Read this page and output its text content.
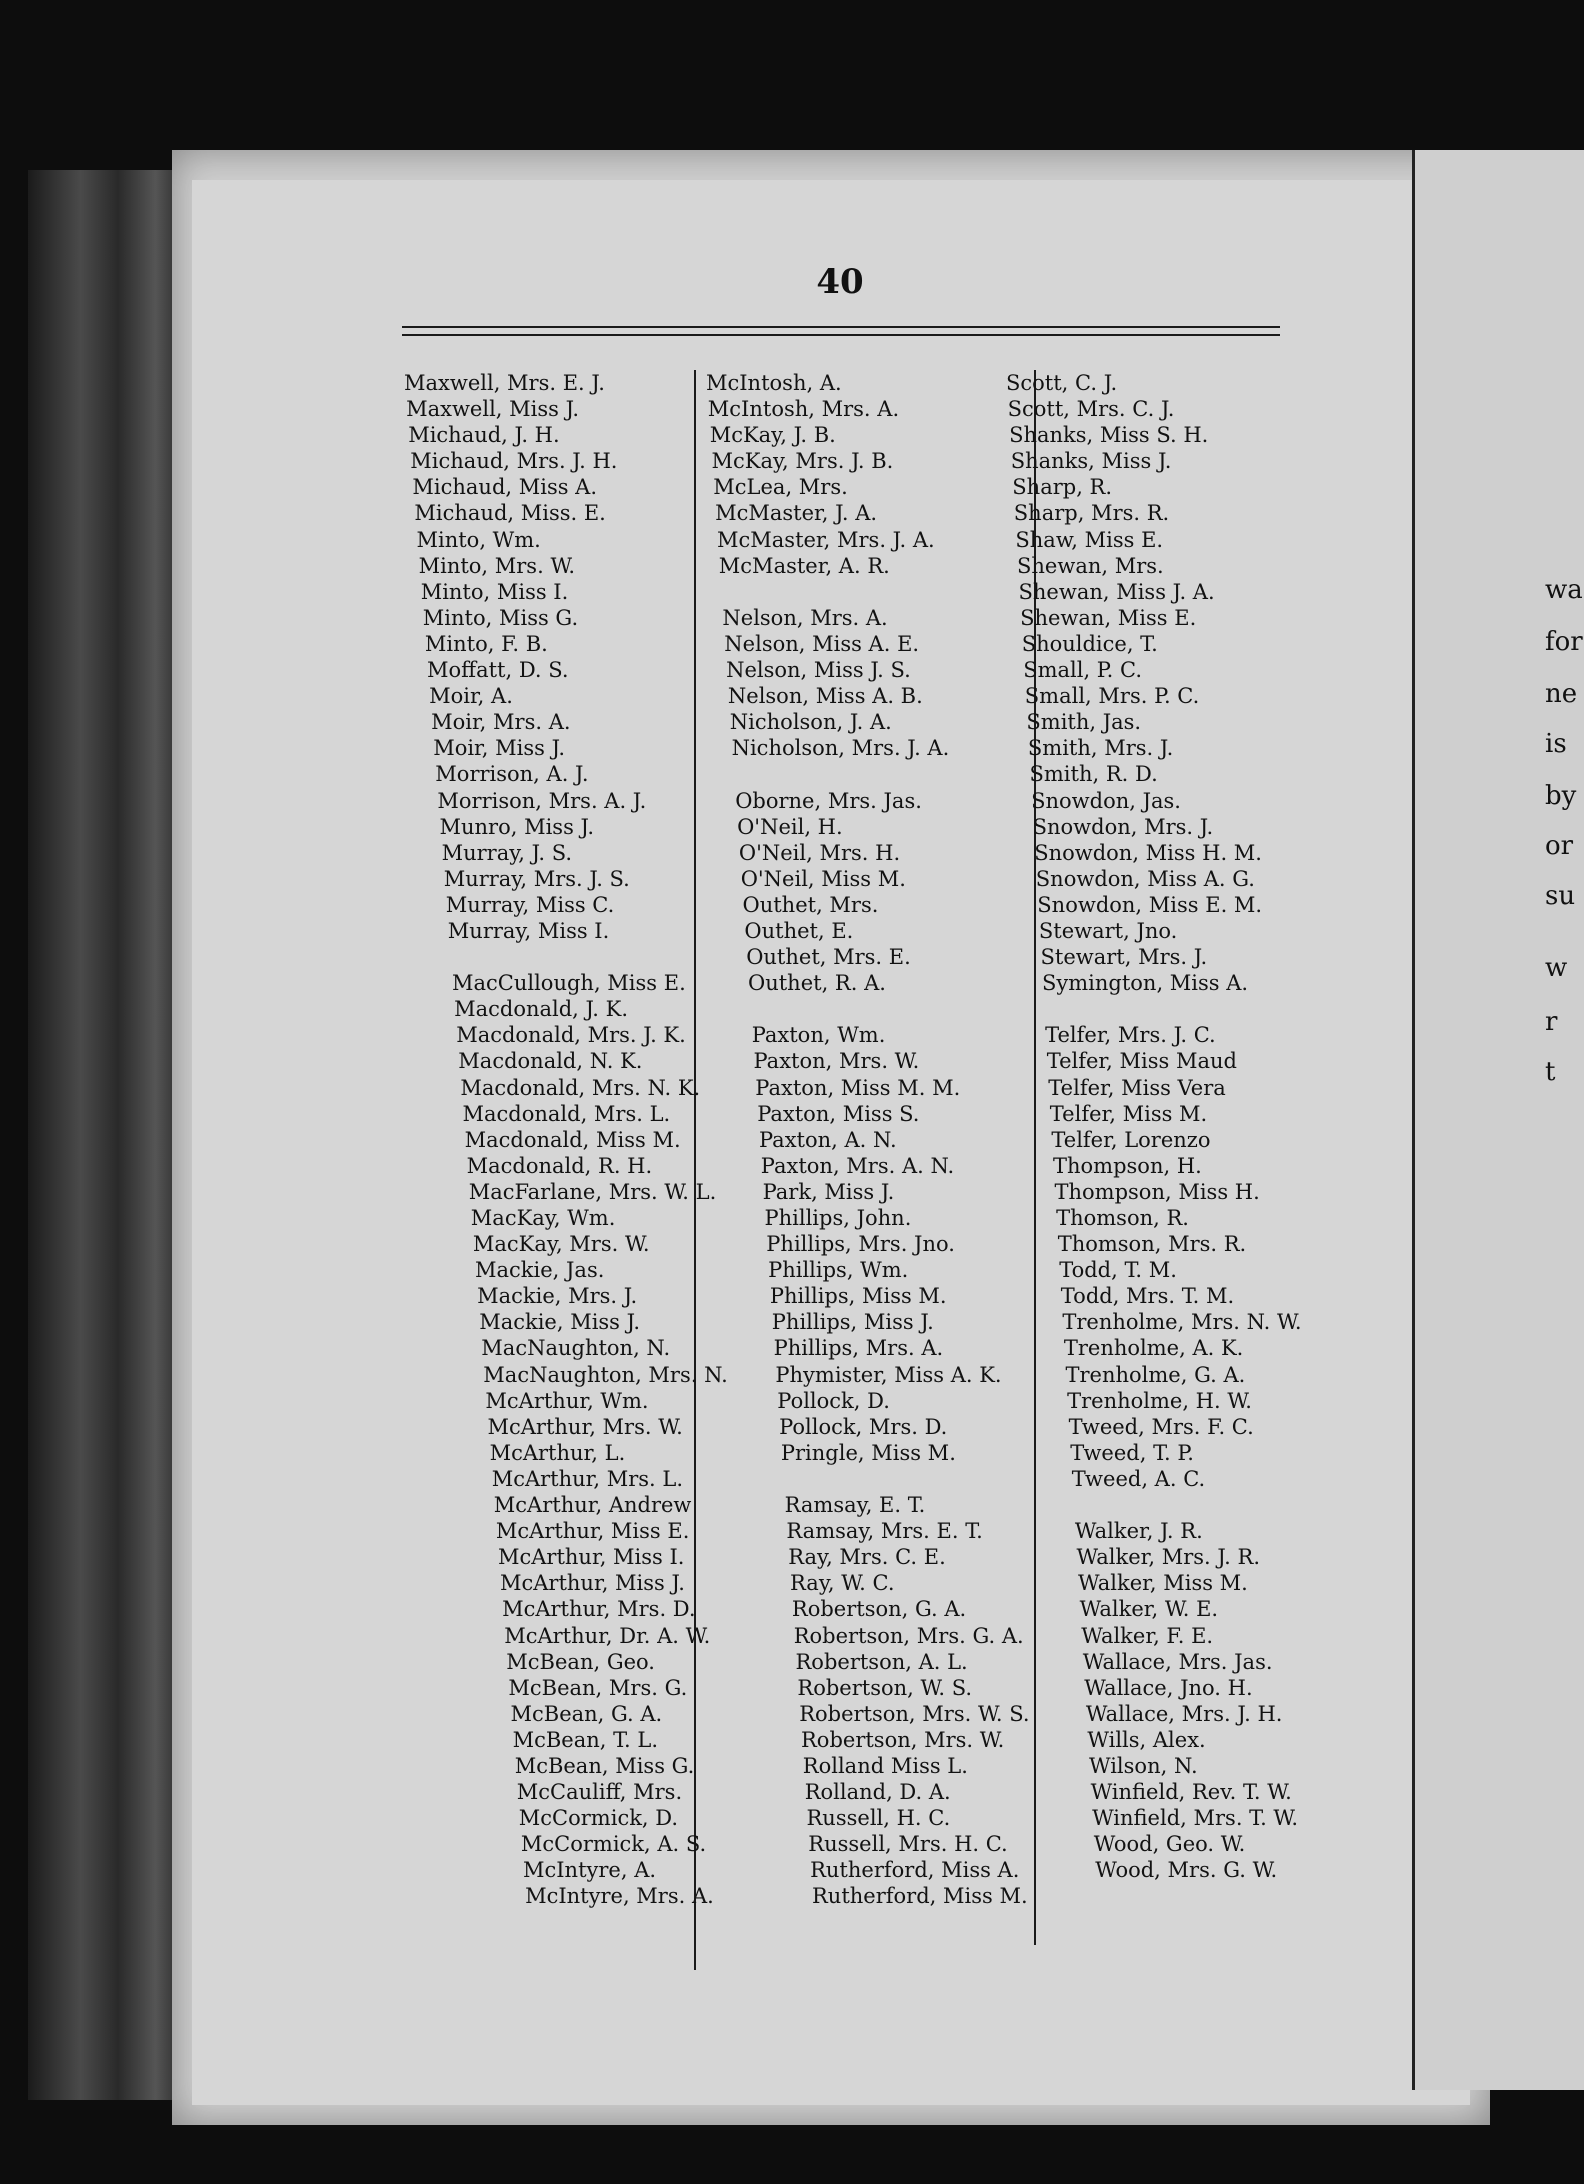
40
Maxwell, Mrs. E. J.
Maxwell, Miss J.
Michaud, J. H.
Michaud, Mrs. J. H.
Michaud, Miss A.
Michaud, Miss. E.
Minto, Wm.
Minto, Mrs. W.
Minto, Miss I.
Minto, Miss G.
Minto, F. B.
Moffatt, D. S.
Moir, A.
Moir, Mrs. A.
Moir, Miss J.
Morrison, A. J.
Morrison, Mrs. A. J.
Munro, Miss J.
Murray, J. S.
Murray, Mrs. J. S.
Murray, Miss C.
Murray, Miss I.
MacCullough, Miss E.
Macdonald, J. K.
Macdonald, Mrs. J. K.
Macdonald, N. K.
Macdonald, Mrs. N. K.
Macdonald, Mrs. L.
Macdonald, Miss M.
Macdonald, R. H.
MacFarlane, Mrs. W. L.
MacKay, Wm.
MacKay, Mrs. W.
Mackie, Jas.
Mackie, Mrs. J.
Mackie, Miss J.
MacNaughton, N.
MacNaughton, Mrs. N.
McArthur, Wm.
McArthur, Mrs. W.
McArthur, L.
McArthur, Mrs. L.
McArthur, Andrew
McArthur, Miss E.
McArthur, Miss I.
McArthur, Miss J.
McArthur, Mrs. D.
McArthur, Dr. A. W.
McBean, Geo.
McBean, Mrs. G.
McBean, G. A.
McBean, T. L.
McBean, Miss G.
McCauliff, Mrs.
McCormick, D.
McCormick, A. S.
McIntyre, A.
McIntyre, Mrs. A.
McIntosh, A.
McIntosh, Mrs. A.
McKay, J. B.
McKay, Mrs. J. B.
McLea, Mrs.
McMaster, J. A.
McMaster, Mrs. J. A.
McMaster, A. R.
Nelson, Mrs. A.
Nelson, Miss A. E.
Nelson, Miss J. S.
Nelson, Miss A. B.
Nicholson, J. A.
Nicholson, Mrs. J. A.
Oborne, Mrs. Jas.
O'Neil, H.
O'Neil, Mrs. H.
O'Neil, Miss M.
Outhet, Mrs.
Outhet, E.
Outhet, Mrs. E.
Outhet, R. A.
Paxton, Wm.
Paxton, Mrs. W.
Paxton, Miss M. M.
Paxton, Miss S.
Paxton, A. N.
Paxton, Mrs. A. N.
Park, Miss J.
Phillips, John.
Phillips, Mrs. Jno.
Phillips, Wm.
Phillips, Miss M.
Phillips, Miss J.
Phillips, Mrs. A.
Phymister, Miss A. K.
Pollock, D.
Pollock, Mrs. D.
Pringle, Miss M.
Ramsay, E. T.
Ramsay, Mrs. E. T.
Ray, Mrs. C. E.
Ray, W. C.
Robertson, G. A.
Robertson, Mrs. G. A.
Robertson, A. L.
Robertson, W. S.
Robertson, Mrs. W. S.
Robertson, Mrs. W.
Rolland Miss L.
Rolland, D. A.
Russell, H. C.
Russell, Mrs. H. C.
Rutherford, Miss A.
Rutherford, Miss M.
Scott, C. J.
Scott, Mrs. C. J.
Shanks, Miss S. H.
Shanks, Miss J.
Sharp, R.
Sharp, Mrs. R.
Shaw, Miss E.
Shewan, Mrs.
Shewan, Miss J. A.
Shewan, Miss E.
Shouldice, T.
Small, P. C.
Small, Mrs. P. C.
Smith, Jas.
Smith, Mrs. J.
Smith, R. D.
Snowdon, Jas.
Snowdon, Mrs. J.
Snowdon, Miss H. M.
Snowdon, Miss A. G.
Snowdon, Miss E. M.
Stewart, Jno.
Stewart, Mrs. J.
Symington, Miss A.
Telfer, Mrs. J. C.
Telfer, Miss Maud
Telfer, Miss Vera
Telfer, Miss M.
Telfer, Lorenzo
Thompson, H.
Thompson, Miss H.
Thomson, R.
Thomson, Mrs. R.
Todd, T. M.
Todd, Mrs. T. M.
Trenholme, Mrs. N. W.
Trenholme, A. K.
Trenholme, G. A.
Trenholme, H. W.
Tweed, Mrs. F. C.
Tweed, T. P.
Tweed, A. C.
Walker, J. R.
Walker, Mrs. J. R.
Walker, Miss M.
Walker, W. E.
Walker, F. E.
Wallace, Mrs. Jas.
Wallace, Jno. H.
Wallace, Mrs. J. H.
Wills, Alex.
Wilson, N.
Winfield, Rev. T. W.
Winfield, Mrs. T. W.
Wood, Geo. W.
Wood, Mrs. G. W.
wa
for
ne
is
by
or
su
w
r
t
